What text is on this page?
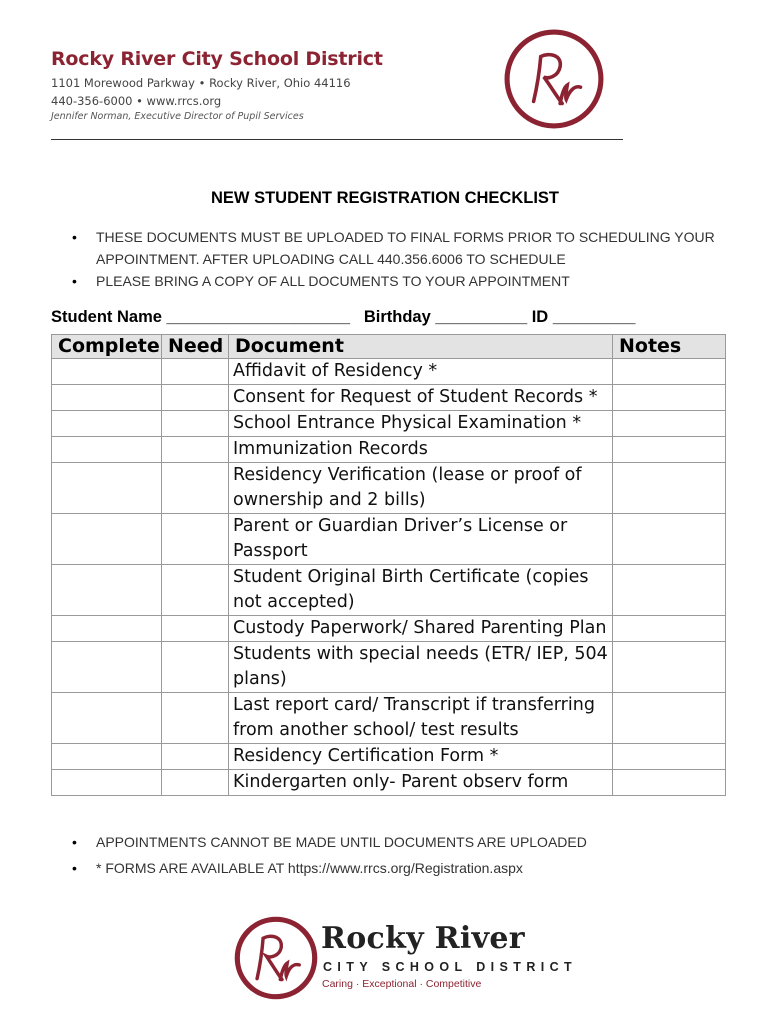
Rocky River City School District
1101 Morewood Parkway • Rocky River, Ohio 44116
440-356-6000 • www.rrcs.org
Jennifer Norman, Executive Director of Pupil Services
NEW STUDENT REGISTRATION CHECKLIST
• THESE DOCUMENTS MUST BE UPLOADED TO FINAL FORMS PRIOR TO SCHEDULING YOUR APPOINTMENT. AFTER UPLOADING CALL 440.356.6006 TO SCHEDULE
• PLEASE BRING A COPY OF ALL DOCUMENTS TO YOUR APPOINTMENT
Student Name ____________________ Birthday __________ ID _________
Complete	Need	Document	Notes
		Affidavit of Residency *	
		Consent for Request of Student Records *	
		School Entrance Physical Examination *	
		Immunization Records	
		Residency Verification (lease or proof of ownership and 2 bills)	
		Parent or Guardian Driver’s License or Passport	
		Student Original Birth Certificate (copies not accepted)	
		Custody Paperwork/ Shared Parenting Plan	
		Students with special needs (ETR/ IEP, 504 plans)	
		Last report card/ Transcript if transferring from another school/ test results	
		Residency Certification Form *	
		Kindergarten only- Parent observ form	
• APPOINTMENTS CANNOT BE MADE UNTIL DOCUMENTS ARE UPLOADED
• * FORMS ARE AVAILABLE AT https://www.rrcs.org/Registration.aspx
Rocky River
CITY SCHOOL DISTRICT
Caring · Exceptional · Competitive
